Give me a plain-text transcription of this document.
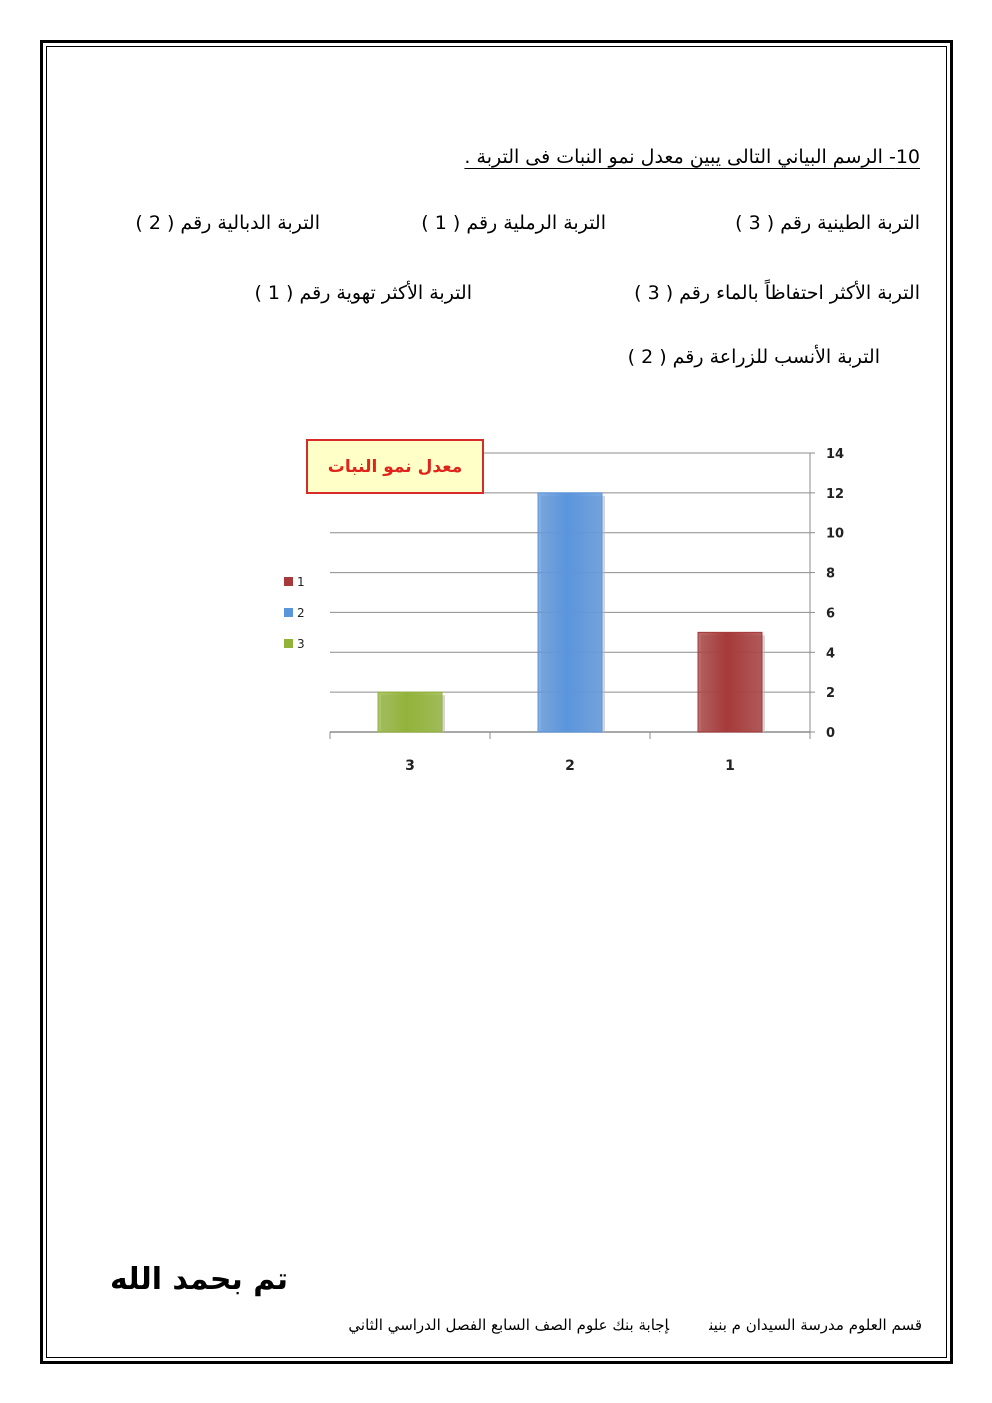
10- الرسم البياني التالى يبين معدل نمو النبات فى التربة .
التربة الطينية رقم ( 3 )
التربة الرملية رقم ( 1 )
التربة الدبالية رقم ( 2 )
التربة الأكثر احتفاظاً بالماء رقم ( 3 )
التربة الأكثر تهوية رقم ( 1 )
التربة الأنسب للزراعة رقم ( 2 )
0
2
4
6
8
10
12
14
3	2	1
1
2
3
معدل نمو النبات
تم بحمد الله
قسم العلوم مدرسة السيدان م بنينإجابة بنك علوم الصف السابع الفصل الدراسي الثاني
